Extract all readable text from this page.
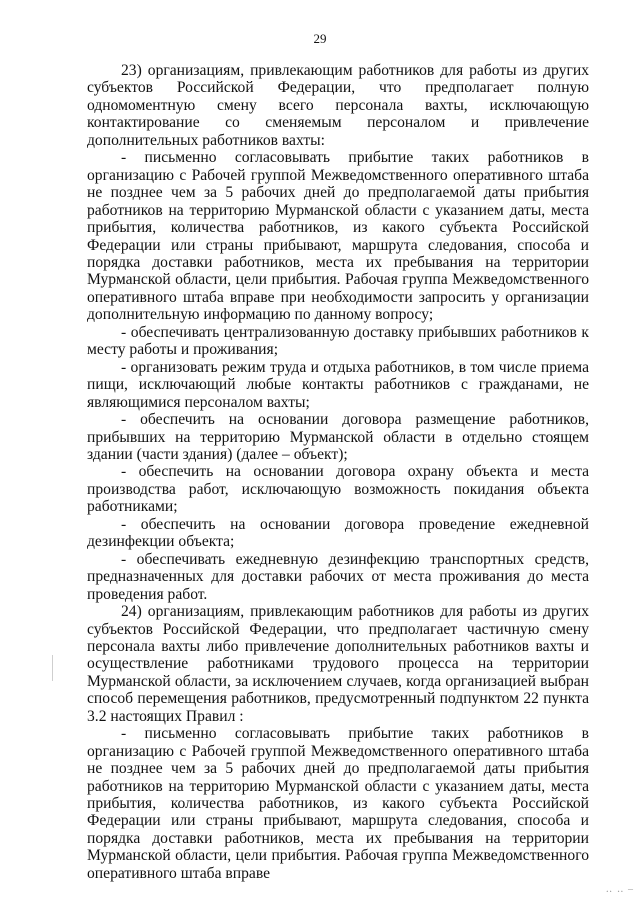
29

23) организациям, привлекающим работников для работы из других субъектов Российской Федерации, что предполагает полную одномоментную смену всего персонала вахты, исключающую контактирование со сменяемым персоналом и привлечение дополнительных работников вахты:

- письменно согласовывать прибытие таких работников в организацию с Рабочей группой Межведомственного оперативного штаба не позднее чем за 5 рабочих дней до предполагаемой даты прибытия работников на территорию Мурманской области с указанием даты, места прибытия, количества работников, из какого субъекта Российской Федерации или страны прибывают, маршрута следования, способа и порядка доставки работников, места их пребывания на территории Мурманской области, цели прибытия. Рабочая группа Межведомственного оперативного штаба вправе при необходимости запросить у организации дополнительную информацию по данному вопросу;

- обеспечивать централизованную доставку прибывших работников к месту работы и проживания;

- организовать режим труда и отдыха работников, в том числе приема пищи, исключающий любые контакты работников с гражданами, не являющимися персоналом вахты;

- обеспечить на основании договора размещение работников, прибывших на территорию Мурманской области в отдельно стоящем здании (части здания) (далее – объект);

- обеспечить на основании договора охрану объекта и места производства работ, исключающую возможность покидания объекта работниками;

- обеспечить на основании договора проведение ежедневной дезинфекции объекта;

- обеспечивать ежедневную дезинфекцию транспортных средств, предназначенных для доставки рабочих от места проживания до места проведения работ.

24) организациям, привлекающим работников для работы из других субъектов Российской Федерации, что предполагает частичную смену персонала вахты либо привлечение дополнительных работников вахты и осуществление работниками трудового процесса на территории Мурманской области, за исключением случаев, когда организацией выбран способ перемещения работников, предусмотренный подпунктом 22 пункта 3.2 настоящих Правил :

- письменно согласовывать прибытие таких работников в организацию с Рабочей группой Межведомственного оперативного штаба не позднее чем за 5 рабочих дней до предполагаемой даты прибытия работников на территорию Мурманской области с указанием даты, места прибытия, количества работников, из какого субъекта Российской Федерации или страны прибывают, маршрута следования, способа и порядка доставки работников, места их пребывания на территории Мурманской области, цели прибытия. Рабочая группа Межведомственного оперативного штаба вправе

‥ ‥ –
